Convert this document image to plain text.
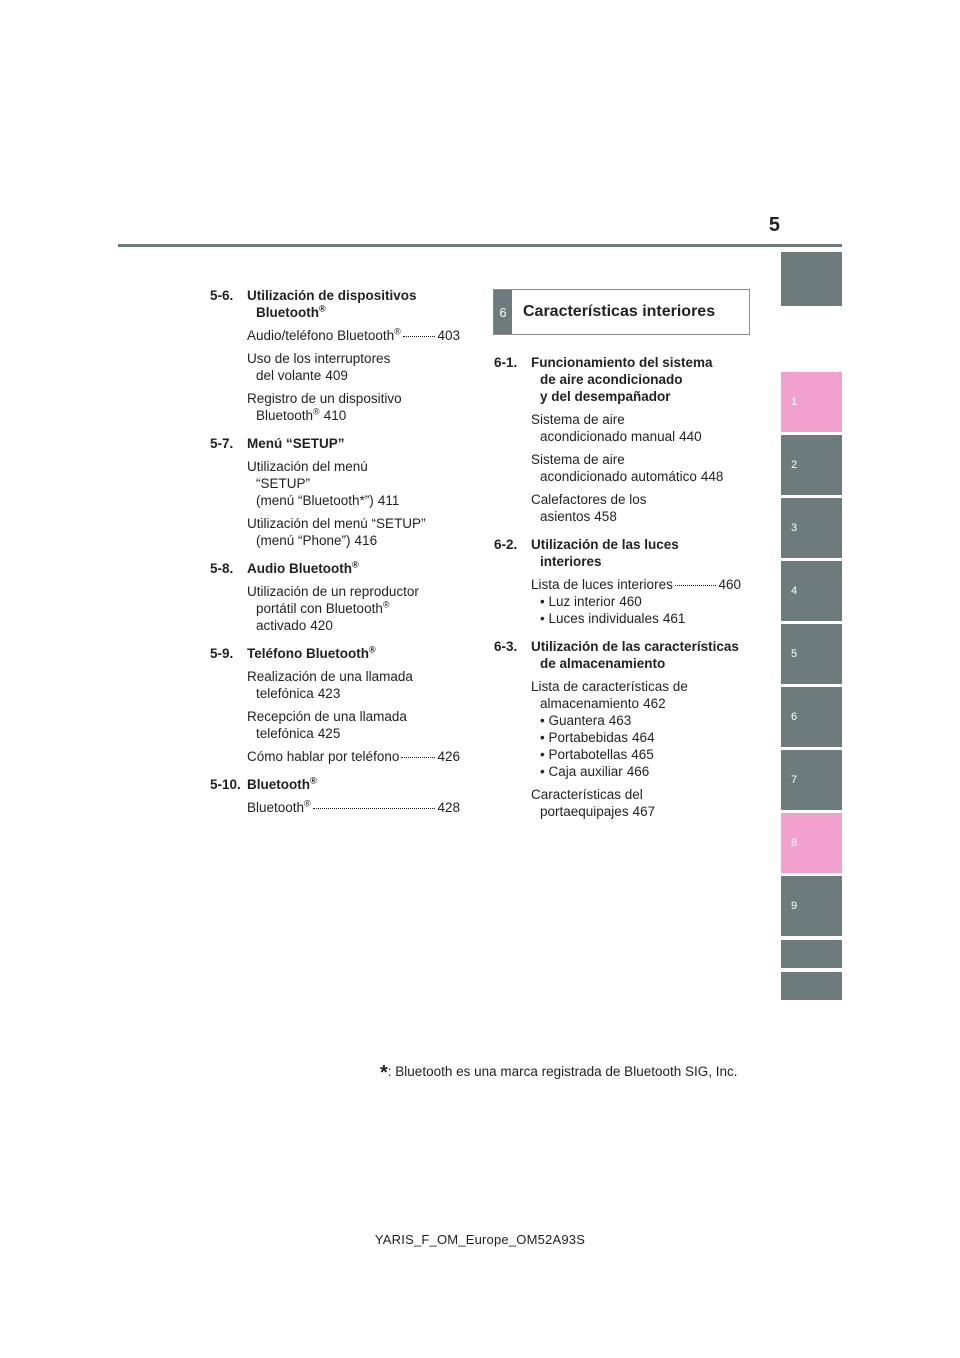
5
1
2
3
4
5
6
7
8
9
5-6. Utilización de dispositivos
Bluetooth®
Audio/teléfono Bluetooth®	403
Uso de los interruptores
del volante 409
Registro de un dispositivo
Bluetooth® 410
5-7. Menú “SETUP”
Utilización del menú
“SETUP”
(menú “Bluetooth*”) 411
Utilización del menú “SETUP”
(menú “Phone”) 416
5-8. Audio Bluetooth®
Utilización de un reproductor
portátil con Bluetooth®
activado 420
5-9. Teléfono Bluetooth®
Realización de una llamada
telefónica 423
Recepción de una llamada
telefónica 425
Cómo hablar por teléfono	426
5-10. Bluetooth®
Bluetooth®	428
6	Características interiores
6-1. Funcionamiento del sistema
de aire acondicionado
y del desempañador
Sistema de aire
acondicionado manual 440
Sistema de aire
acondicionado automático 448
Calefactores de los
asientos 458
6-2. Utilización de las luces
interiores
Lista de luces interiores	460
• Luz interior 460
• Luces individuales 461
6-3. Utilización de las características
de almacenamiento
Lista de características de
almacenamiento 462
• Guantera 463
• Portabebidas 464
• Portabotellas 465
• Caja auxiliar 466
Características del
portaequipajes 467
*: Bluetooth es una marca registrada de Bluetooth SIG, Inc.
YARIS_F_OM_Europe_OM52A93S
